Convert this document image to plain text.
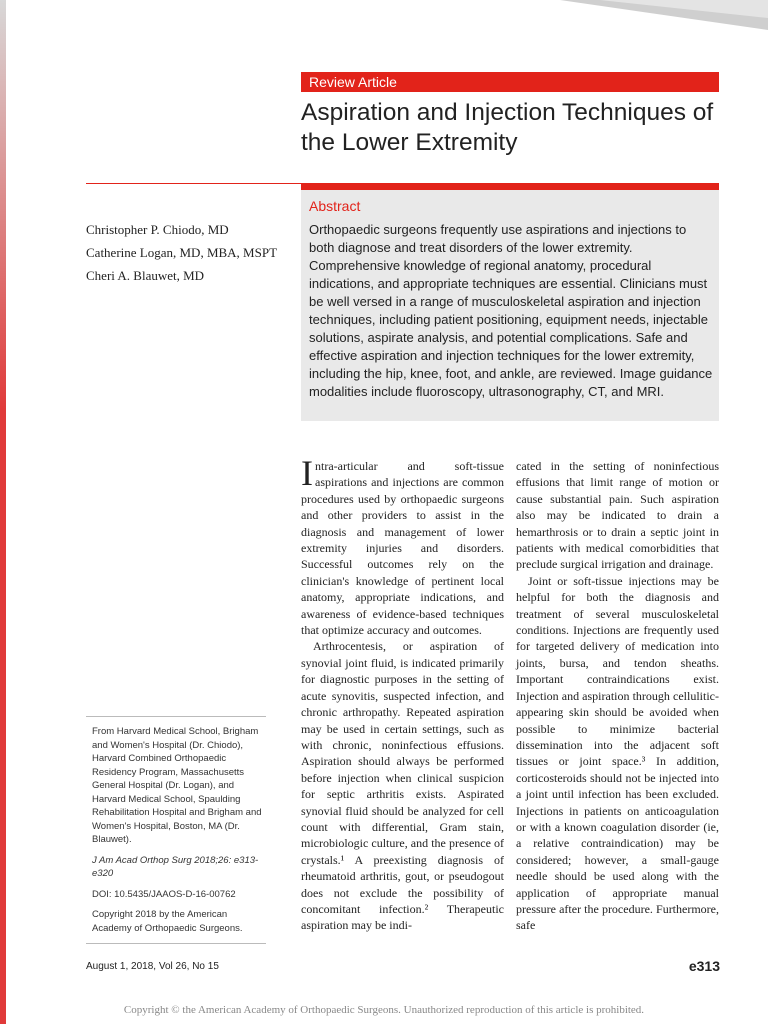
Review Article
Aspiration and Injection Techniques of the Lower Extremity
Christopher P. Chiodo, MD
Catherine Logan, MD, MBA, MSPT
Cheri A. Blauwet, MD
Abstract

Orthopaedic surgeons frequently use aspirations and injections to both diagnose and treat disorders of the lower extremity. Comprehensive knowledge of regional anatomy, procedural indications, and appropriate techniques are essential. Clinicians must be well versed in a range of musculoskeletal aspiration and injection techniques, including patient positioning, equipment needs, injectable solutions, aspirate analysis, and potential complications. Safe and effective aspiration and injection techniques for the lower extremity, including the hip, knee, foot, and ankle, are reviewed. Image guidance modalities include fluoroscopy, ultrasonography, CT, and MRI.

From Harvard Medical School, Brigham and Women's Hospital (Dr. Chiodo), Harvard Combined Orthopaedic Residency Program, Massachusetts General Hospital (Dr. Logan), and Harvard Medical School, Spaulding Rehabilitation Hospital and Brigham and Women's Hospital, Boston, MA (Dr. Blauwet).

J Am Acad Orthop Surg 2018;26: e313-e320

DOI: 10.5435/JAAOS-D-16-00762

Copyright 2018 by the American Academy of Orthopaedic Surgeons.

Intra-articular and soft-tissue aspirations and injections are common procedures used by orthopaedic surgeons and other providers to assist in the diagnosis and management of lower extremity injuries and disorders. Successful outcomes rely on the clinician's knowledge of pertinent local anatomy, appropriate indications, and awareness of evidence-based techniques that optimize accuracy and outcomes.

Arthrocentesis, or aspiration of synovial joint fluid, is indicated primarily for diagnostic purposes in the setting of acute synovitis, suspected infection, and chronic arthropathy. Repeated aspiration may be used in certain settings, such as with chronic, noninfectious effusions. Aspiration should always be performed before injection when clinical suspicion for septic arthritis exists. Aspirated synovial fluid should be analyzed for cell count with differential, Gram stain, microbiologic culture, and the presence of crystals.¹ A preexisting diagnosis of rheumatoid arthritis, gout, or pseudogout does not exclude the possibility of concomitant infection.² Therapeutic aspiration may be indi-

cated in the setting of noninfectious effusions that limit range of motion or cause substantial pain. Such aspiration also may be indicated to drain a hemarthrosis or to drain a septic joint in patients with medical comorbidities that preclude surgical irrigation and drainage.

Joint or soft-tissue injections may be helpful for both the diagnosis and treatment of several musculoskeletal conditions. Injections are frequently used for targeted delivery of medication into joints, bursa, and tendon sheaths. Important contraindications exist. Injection and aspiration through cellulitic-appearing skin should be avoided when possible to minimize bacterial dissemination into the adjacent soft tissues or joint space.³ In addition, corticosteroids should not be injected into a joint until infection has been excluded. Injections in patients on anticoagulation or with a known coagulation disorder (ie, a relative contraindication) may be considered; however, a small-gauge needle should be used along with the application of appropriate manual pressure after the procedure. Furthermore, safe

August 1, 2018, Vol 26, No 15	e313
Copyright © the American Academy of Orthopaedic Surgeons. Unauthorized reproduction of this article is prohibited.
